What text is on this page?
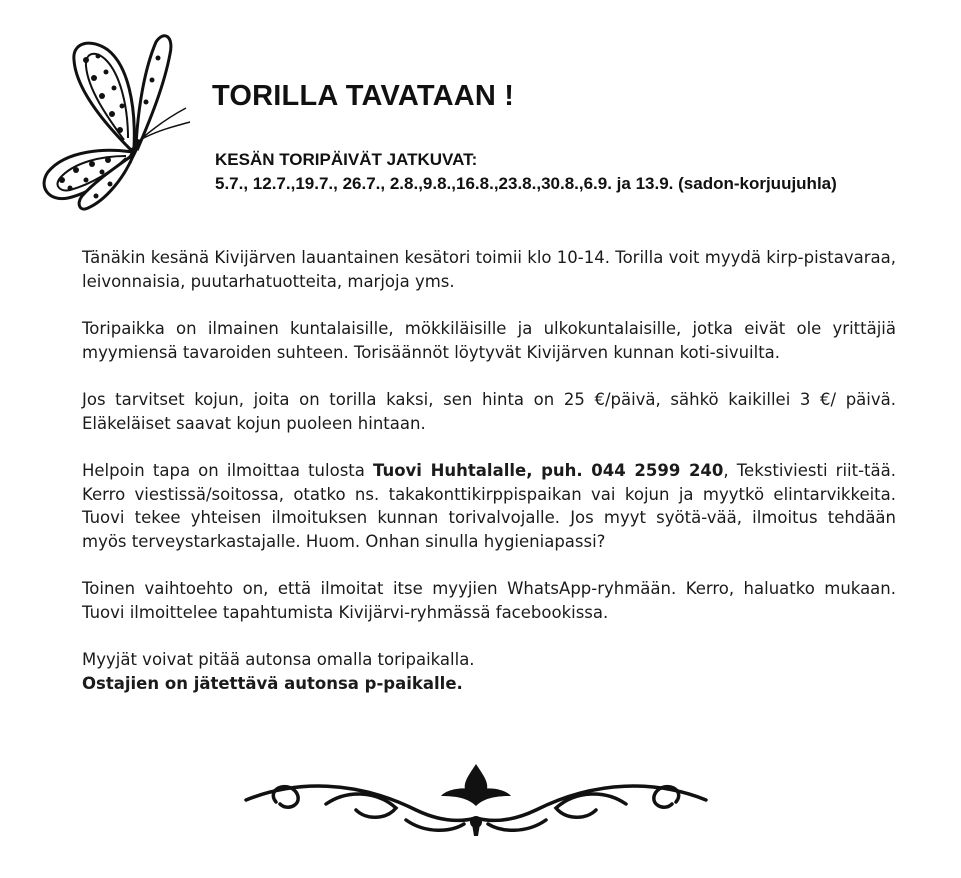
TORILLA TAVATAAN !
KESÄN TORIPÄIVÄT JATKUVAT:
5.7., 12.7.,19.7., 26.7., 2.8.,9.8.,16.8.,23.8.,30.8.,6.9. ja 13.9. (sadon-korjuujuhla)

Tänäkin kesänä Kivijärven lauantainen kesätori toimii klo 10-14. Torilla voit myydä kirp-pistavaraa, leivonnaisia, puutarhatuotteita, marjoja yms.

Toripaikka on ilmainen kuntalaisille, mökkiläisille ja ulkokuntalaisille, jotka eivät ole yrittäjiä myymiensä tavaroiden suhteen. Torisäännöt löytyvät Kivijärven kunnan koti-sivuilta.

Jos tarvitset kojun, joita on torilla kaksi, sen hinta on 25 €/päivä, sähkö kaikillei 3 €/ päivä. Eläkeläiset saavat kojun puoleen hintaan.

Helpoin tapa on ilmoittaa tulosta Tuovi Huhtalalle, puh. 044 2599 240, Tekstiviesti riit-tää. Kerro viestissä/soitossa, otatko ns. takakonttikirppispaikan vai kojun ja myytkö elintarvikkeita. Tuovi tekee yhteisen ilmoituksen kunnan torivalvojalle. Jos myyt syötä-vää, ilmoitus tehdään myös terveystarkastajalle. Huom. Onhan sinulla hygieniapassi?

Toinen vaihtoehto on, että ilmoitat itse myyjien WhatsApp-ryhmään. Kerro, haluatko mukaan. Tuovi ilmoittelee tapahtumista Kivijärvi-ryhmässä facebookissa.

Myyjät voivat pitää autonsa omalla toripaikalla.
Ostajien on jätettävä autonsa p-paikalle.
